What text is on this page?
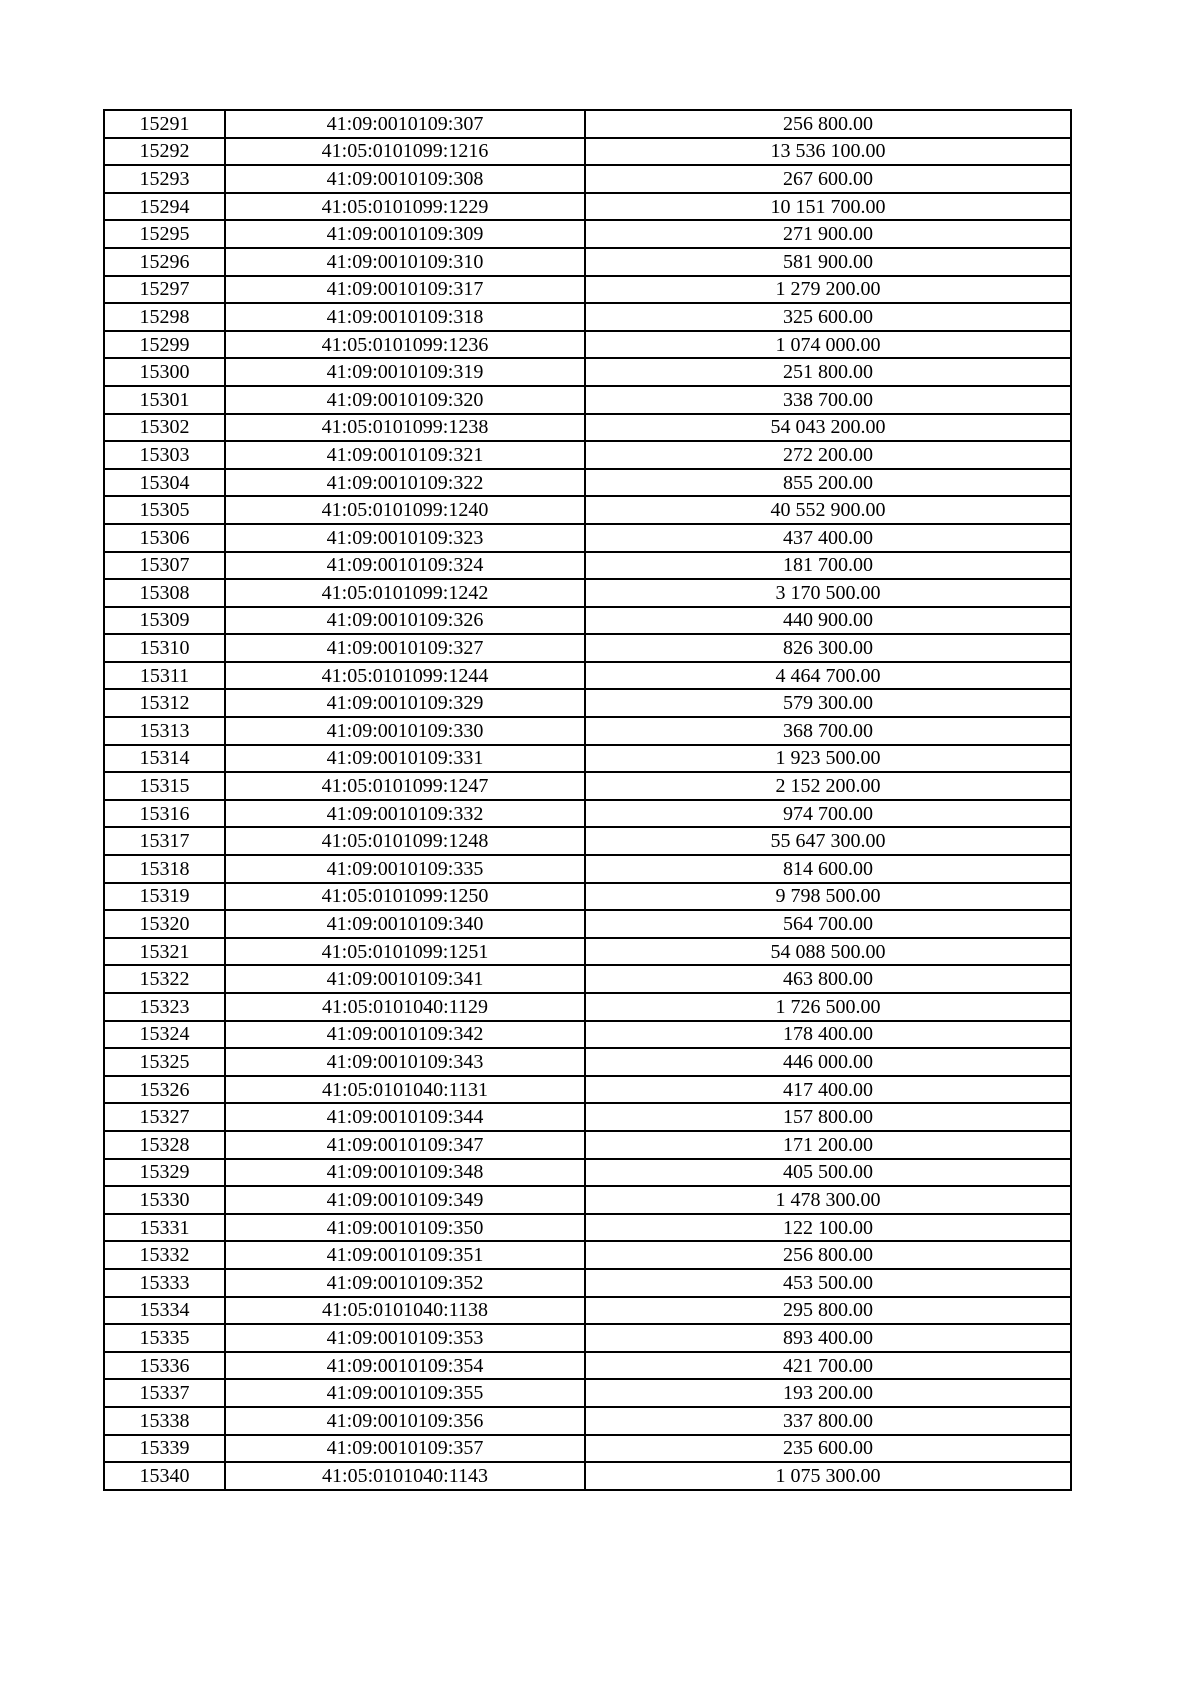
15291	41:09:0010109:307	256 800.00
15292	41:05:0101099:1216	13 536 100.00
15293	41:09:0010109:308	267 600.00
15294	41:05:0101099:1229	10 151 700.00
15295	41:09:0010109:309	271 900.00
15296	41:09:0010109:310	581 900.00
15297	41:09:0010109:317	1 279 200.00
15298	41:09:0010109:318	325 600.00
15299	41:05:0101099:1236	1 074 000.00
15300	41:09:0010109:319	251 800.00
15301	41:09:0010109:320	338 700.00
15302	41:05:0101099:1238	54 043 200.00
15303	41:09:0010109:321	272 200.00
15304	41:09:0010109:322	855 200.00
15305	41:05:0101099:1240	40 552 900.00
15306	41:09:0010109:323	437 400.00
15307	41:09:0010109:324	181 700.00
15308	41:05:0101099:1242	3 170 500.00
15309	41:09:0010109:326	440 900.00
15310	41:09:0010109:327	826 300.00
15311	41:05:0101099:1244	4 464 700.00
15312	41:09:0010109:329	579 300.00
15313	41:09:0010109:330	368 700.00
15314	41:09:0010109:331	1 923 500.00
15315	41:05:0101099:1247	2 152 200.00
15316	41:09:0010109:332	974 700.00
15317	41:05:0101099:1248	55 647 300.00
15318	41:09:0010109:335	814 600.00
15319	41:05:0101099:1250	9 798 500.00
15320	41:09:0010109:340	564 700.00
15321	41:05:0101099:1251	54 088 500.00
15322	41:09:0010109:341	463 800.00
15323	41:05:0101040:1129	1 726 500.00
15324	41:09:0010109:342	178 400.00
15325	41:09:0010109:343	446 000.00
15326	41:05:0101040:1131	417 400.00
15327	41:09:0010109:344	157 800.00
15328	41:09:0010109:347	171 200.00
15329	41:09:0010109:348	405 500.00
15330	41:09:0010109:349	1 478 300.00
15331	41:09:0010109:350	122 100.00
15332	41:09:0010109:351	256 800.00
15333	41:09:0010109:352	453 500.00
15334	41:05:0101040:1138	295 800.00
15335	41:09:0010109:353	893 400.00
15336	41:09:0010109:354	421 700.00
15337	41:09:0010109:355	193 200.00
15338	41:09:0010109:356	337 800.00
15339	41:09:0010109:357	235 600.00
15340	41:05:0101040:1143	1 075 300.00
